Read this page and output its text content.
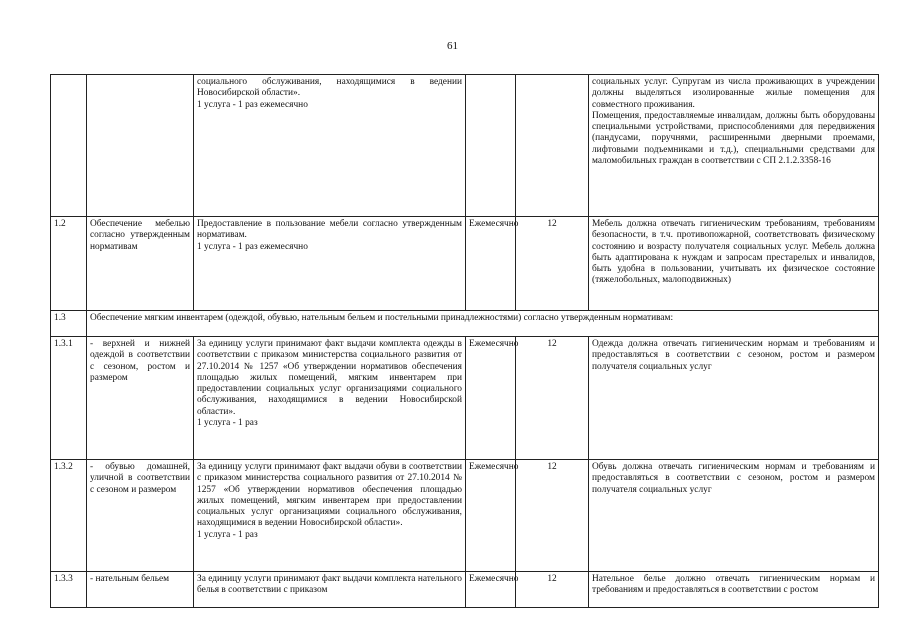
61

		социального обслуживания, находящимися в ведении Новосибирской области».
1 услуга - 1 раз ежемесячно			социальных услуг. Супругам из числа проживающих в учреждении должны выделяться изолированные жилые помещения для совместного проживания.
Помещения, предоставляемые инвалидам, должны быть оборудованы специальными устройствами, приспособлениями для передвижения (пандусами, поручнями, расширенными дверными проемами, лифтовыми подъемниками и т.д.), специальными средствами для маломобильных граждан в соответствии с СП 2.1.2.3358-16

1.2	Обеспечение мебелью согласно утвержденным нормативам	Предоставление в пользование мебели согласно утвержденным нормативам.
1 услуга - 1 раз ежемесячно	Ежемесячно	12	Мебель должна отвечать гигиеническим требованиям, требованиям безопасности, в т.ч. противопожарной, соответствовать физическому состоянию и возрасту получателя социальных услуг. Мебель должна быть адаптирована к нуждам и запросам престарелых и инвалидов, быть удобна в пользовании, учитывать их физическое состояние (тяжелобольных, малоподвижных)

1.3	Обеспечение мягким инвентарем (одеждой, обувью, нательным бельем и постельными принадлежностями) согласно утвержденным нормативам:				
1.3.1	- верхней и нижней одеждой в соответствии с сезоном, ростом и размером	За единицу услуги принимают факт выдачи комплекта одежды в соответствии с приказом министерства социального развития от 27.10.2014 № 1257 «Об утверждении нормативов обеспечения площадью жилых помещений, мягким инвентарем при предоставлении социальных услуг организациями социального обслуживания, находящимися в ведении Новосибирской области».
1 услуга - 1 раз	Ежемесячно	12	Одежда должна отвечать гигиеническим нормам и требованиям и предоставляться в соответствии с сезоном, ростом и размером получателя социальных услуг

1.3.2	- обувью домашней, уличной в соответствии с сезоном и размером	За единицу услуги принимают факт выдачи обуви в соответствии с приказом министерства социального развития от 27.10.2014 № 1257 «Об утверждении нормативов обеспечения площадью жилых помещений, мягким инвентарем при предоставлении социальных услуг организациями социального обслуживания, находящимися в ведении Новосибирской области».
1 услуга - 1 раз	Ежемесячно	12	Обувь должна отвечать гигиеническим нормам и требованиям и предоставляться в соответствии с сезоном, ростом и размером получателя социальных услуг

1.3.3	- нательным бельем	За единицу услуги принимают факт выдачи комплекта нательного белья в соответствии с приказом	Ежемесячно	12	Нательное белье должно отвечать гигиеническим нормам и требованиям и предоставляться в соответствии с ростом
